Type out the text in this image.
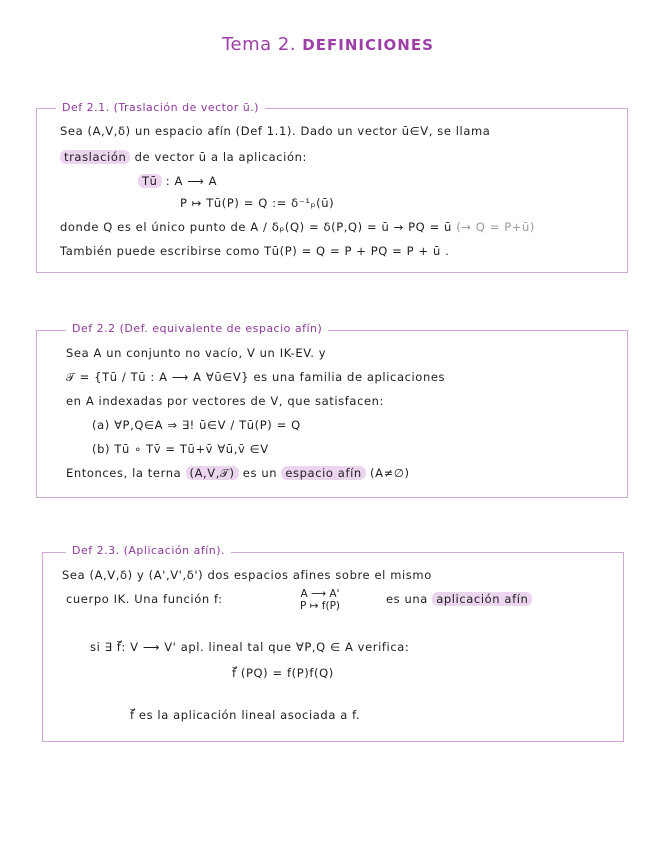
Tema 2. DEFINICIONES
Def 2.1. (Traslación de vector ū.)
Sea (A,V,δ) un espacio afín (Def 1.1). Dado un vector ū∈V, se llama
traslación de vector ū a la aplicación:
Tū : A ⟶ A
P ↦ Tū(P) = Q := δ⁻¹ₚ(ū)
donde Q es el único punto de A / δₚ(Q) = δ(P,Q) = ū → PQ = ū (→ Q = P+ū)
También puede escribirse como Tū(P) = Q = P + PQ = P + ū .
Def 2.2 (Def. equivalente de espacio afín)
Sea A un conjunto no vacío, V un IK-EV. y
𝒯 = {Tū / Tū : A ⟶ A ∀ū∈V} es una familia de aplicaciones
en A indexadas por vectores de V, que satisfacen:
(a) ∀P,Q∈A ⇒ ∃! ū∈V / Tū(P) = Q
(b) Tū ∘ Tv̄ = Tū+v̄ ∀ū,v̄ ∈V
Entonces, la terna (A,V,𝒯) es un espacio afín (A≠∅)
Def 2.3. (Aplicación afín).
Sea (A,V,δ) y (A',V',δ') dos espacios afines sobre el mismo
cuerpo IK. Una función f:	A ⟶ A'
P ↦ f(P)	es una aplicación afín
si ∃ f⃗: V ⟶ V' apl. lineal tal que ∀P,Q ∈ A verifica:
f⃗ (PQ) = f(P)f(Q)
f⃗ es la aplicación lineal asociada a f.
